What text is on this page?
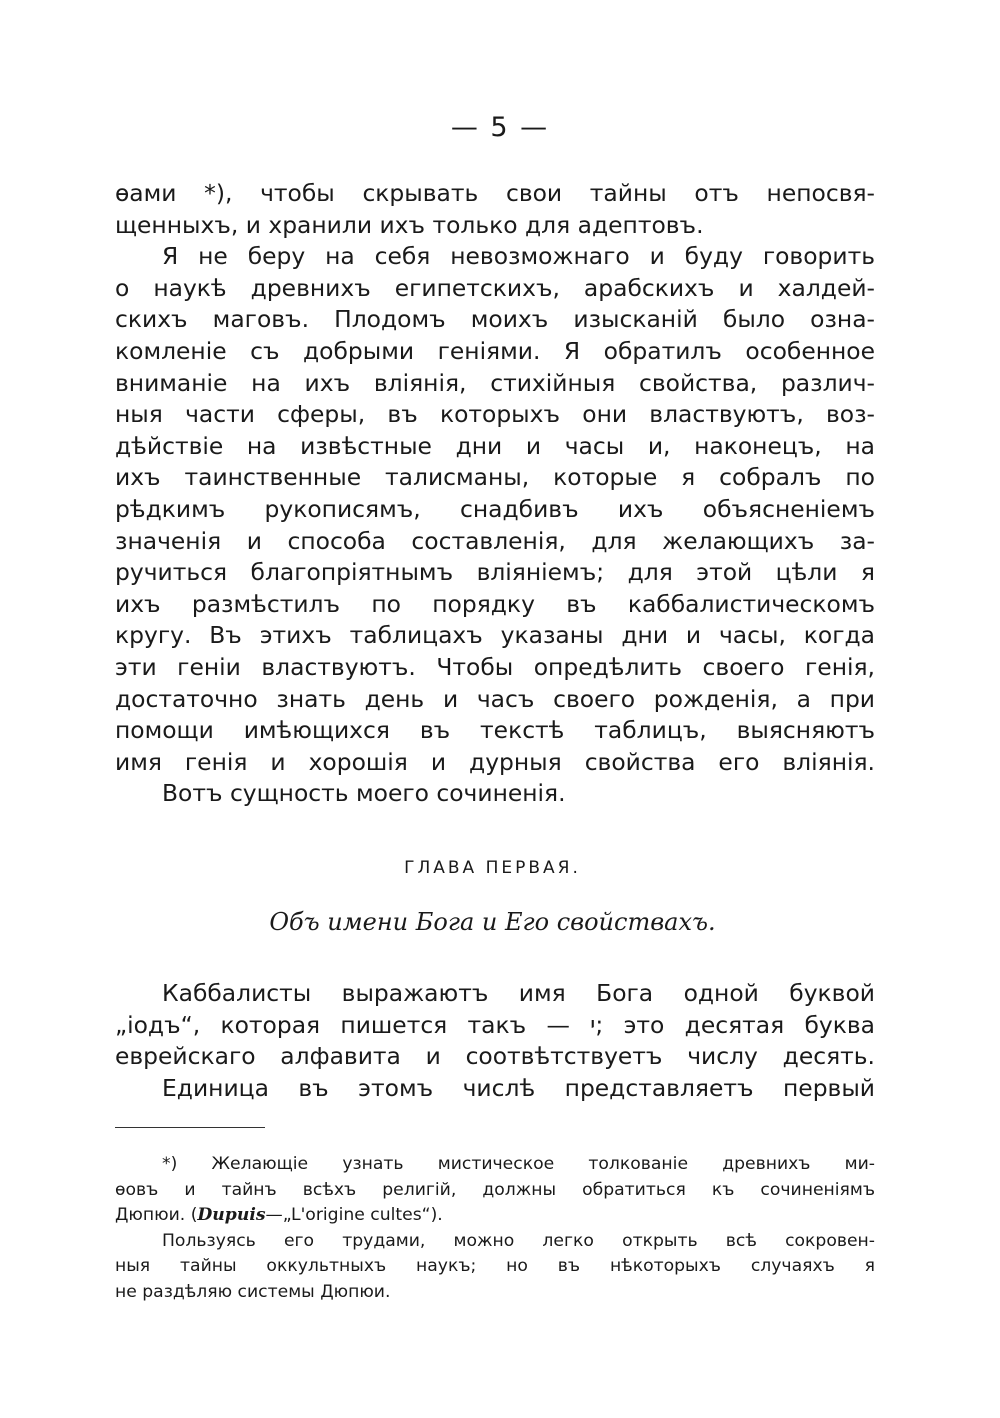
— 5 —

ѳами *), чтобы скрывать свои тайны отъ непосвя-

щенныхъ, и хранили ихъ только для адептовъ.

Я не беру на себя невозможнаго и буду говорить

о наукѣ древнихъ египетскихъ, арабскихъ и халдей-

скихъ маговъ. Плодомъ моихъ изысканій было озна-

комленіе съ добрыми геніями. Я обратилъ особенное

вниманіе на ихъ вліянія, стихійныя свойства, различ-

ныя части сферы, въ которыхъ они властвуютъ, воз-

дѣйствіе на извѣстные дни и часы и, наконецъ, на

ихъ таинственные талисманы, которые я собралъ по

рѣдкимъ рукописямъ, снадбивъ ихъ объясненіемъ

значенія и способа составленія, для желающихъ за-

ручиться благопріятнымъ вліяніемъ; для этой цѣли я

ихъ размѣстилъ по порядку въ каббалистическомъ

кругу. Въ этихъ таблицахъ указаны дни и часы, когда

эти геніи властвуютъ. Чтобы опредѣлить своего генія,

достаточно знать день и часъ своего рожденія, а при

помощи имѣющихся въ текстѣ таблицъ, выясняютъ

имя генія и хорошія и дурныя свойства его вліянія.

Вотъ сущность моего сочиненія.

ГЛАВА ПЕРВАЯ.
Объ имени Бога и Его свойствахъ.

Каббалисты выражаютъ имя Бога одной буквой

„іодъ“, которая пишется такъ — י; это десятая буква

еврейскаго алфавита и соотвѣтствуетъ числу десять.

Единица въ этомъ числѣ представляетъ первый

*) Желающіе узнать мистическое толкованіе древнихъ ми-

ѳовъ и тайнъ всѣхъ религій, должны обратиться къ сочиненіямъ

Дюпюи. (Dupuis—„L'origine cultes“).

Пользуясь его трудами, можно легко открыть всѣ сокровен-

ныя тайны оккультныхъ наукъ; но въ нѣкоторыхъ случаяхъ я

не раздѣляю системы Дюпюи.
